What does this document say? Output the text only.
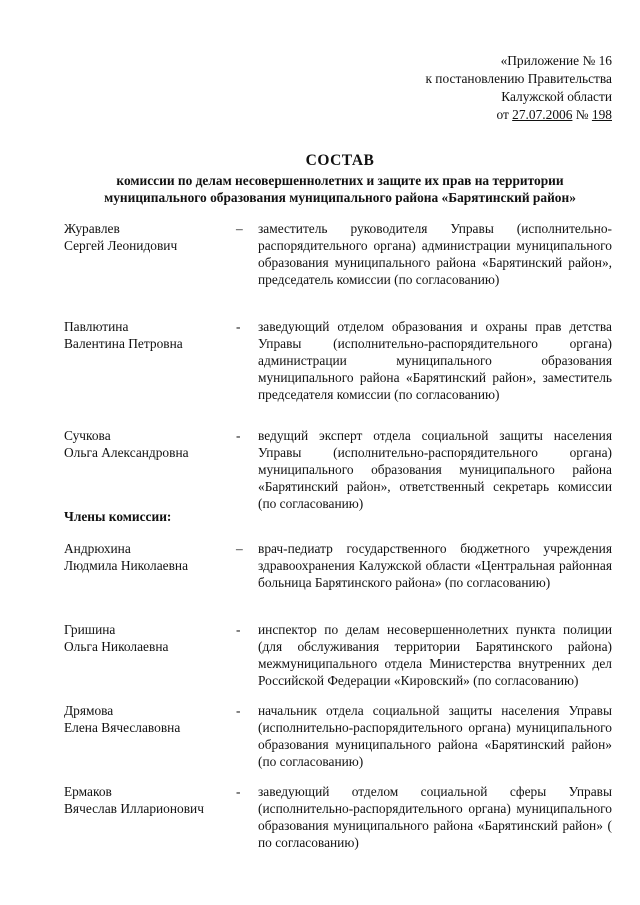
«Приложение № 16
к постановлению Правительства
Калужской области
от 27.07.2006 № 198
СОСТАВ
комиссии по делам несовершеннолетних и защите их прав на территории
муниципального образования муниципального района «Барятинский район»
Журавлев
Сергей Леонидович
– заместитель руководителя Управы (исполнительно-распорядительного органа) администрации муниципального образования муниципального района «Барятинский район», председатель комиссии (по согласованию)
Павлютина
Валентина Петровна
- заведующий отделом образования и охраны прав детства Управы (исполнительно-распорядительного органа) администрации муниципального образования муниципального района «Барятинский район», заместитель председателя комиссии (по согласованию)
Сучкова
Ольга Александровна
- ведущий эксперт отдела социальной защиты населения Управы (исполнительно-распорядительного органа) муниципального образования муниципального района «Барятинский район», ответственный секретарь комиссии (по согласованию)
Члены комиссии:
Андрюхина
Людмила Николаевна
– врач-педиатр государственного бюджетного учреждения здравоохранения Калужской области «Центральная районная больница Барятинского района» (по согласованию)
Гришина
Ольга Николаевна
- инспектор по делам несовершеннолетних пункта полиции (для обслуживания территории Барятинского района) межмуниципального отдела Министерства внутренних дел Российской Федерации «Кировский» (по согласованию)
Дрямова
Елена Вячеславовна
- начальник отдела социальной защиты населения Управы (исполнительно-распорядительного органа) муниципального образования муниципального района «Барятинский район» (по согласованию)
Ермаков
Вячеслав Илларионович
- заведующий отделом социальной сферы Управы (исполнительно-распорядительного органа) муниципального образования муниципального района «Барятинский район» ( по согласованию)
